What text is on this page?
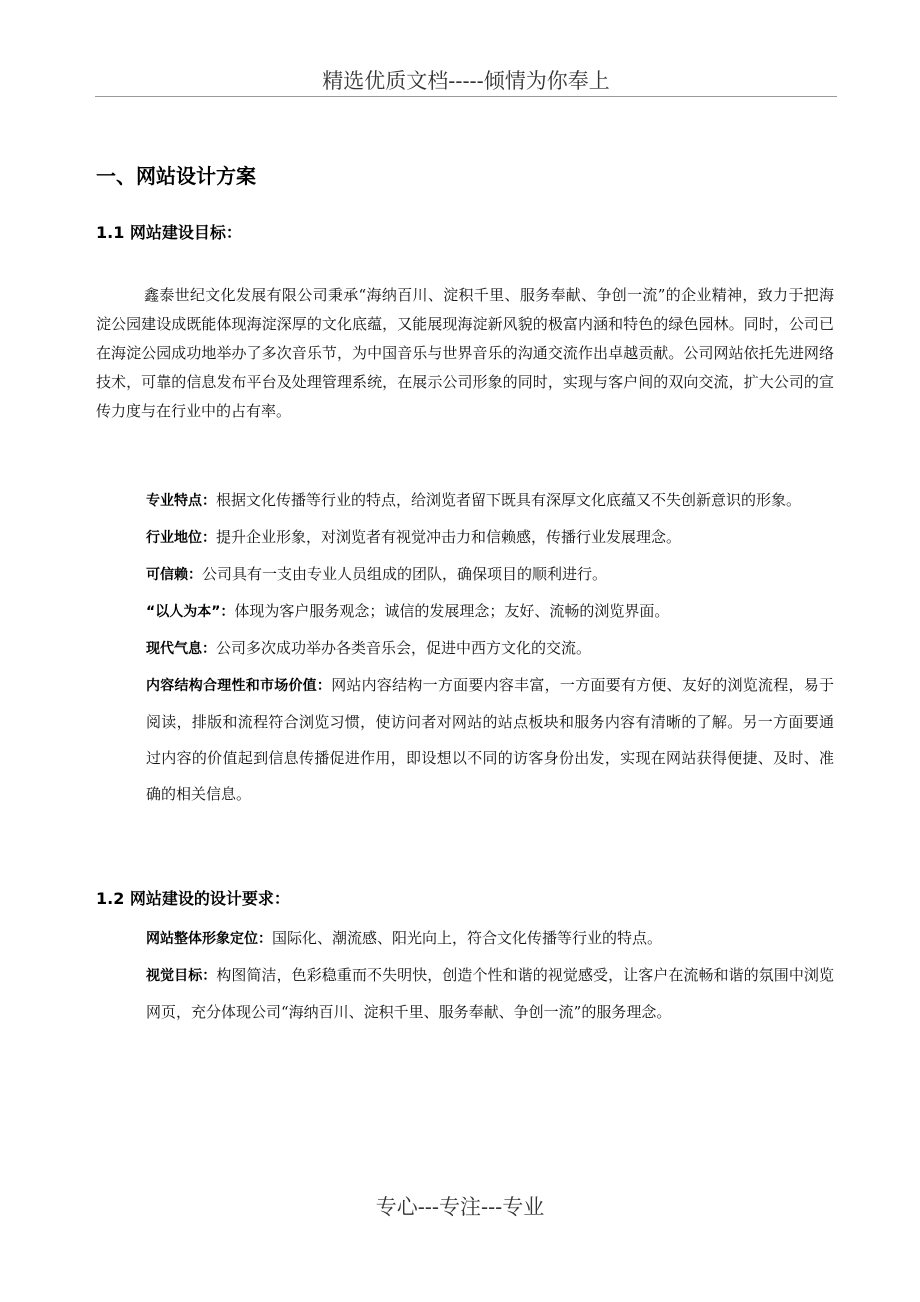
精选优质文档-----倾情为你奉上
一、网站设计方案
1.1 网站建设目标：

鑫泰世纪文化发展有限公司秉承“海纳百川、淀积千里、服务奉献、争创一流”的企业精神，致力于把海淀公园建设成既能体现海淀深厚的文化底蕴，又能展现海淀新风貌的极富内涵和特色的绿色园林。同时，公司已在海淀公园成功地举办了多次音乐节，为中国音乐与世界音乐的沟通交流作出卓越贡献。公司网站依托先进网络技术，可靠的信息发布平台及处理管理系统，在展示公司形象的同时，实现与客户间的双向交流，扩大公司的宣传力度与在行业中的占有率。

专业特点：根据文化传播等行业的特点，给浏览者留下既具有深厚文化底蕴又不失创新意识的形象。

行业地位：提升企业形象，对浏览者有视觉冲击力和信赖感，传播行业发展理念。

可信赖：公司具有一支由专业人员组成的团队，确保项目的顺利进行。

“以人为本”：体现为客户服务观念；诚信的发展理念；友好、流畅的浏览界面。

现代气息：公司多次成功举办各类音乐会，促进中西方文化的交流。

内容结构合理性和市场价值：网站内容结构一方面要内容丰富，一方面要有方便、友好的浏览流程，易于阅读，排版和流程符合浏览习惯，使访问者对网站的站点板块和服务内容有清晰的了解。另一方面要通过内容的价值起到信息传播促进作用，即设想以不同的访客身份出发，实现在网站获得便捷、及时、准确的相关信息。

1.2 网站建设的设计要求：

网站整体形象定位：国际化、潮流感、阳光向上，符合文化传播等行业的特点。

视觉目标：构图简洁，色彩稳重而不失明快，创造个性和谐的视觉感受，让客户在流畅和谐的氛围中浏览网页，充分体现公司“海纳百川、淀积千里、服务奉献、争创一流”的服务理念。

专心---专注---专业
